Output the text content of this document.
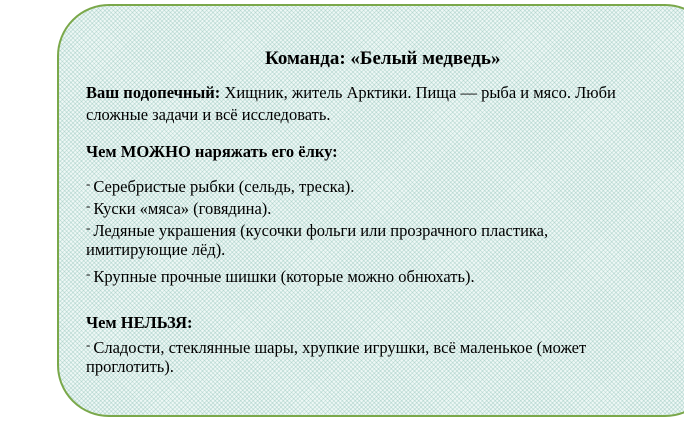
Команда: «Белый медведь»
Ваш подопечный: Хищник, житель Арктики. Пища — рыба и мясо. Люби
сложные задачи и всё исследовать.
Чем МОЖНО наряжать его ёлку:
- Серебристые рыбки (сельдь, треска).
- Куски «мяса» (говядина).
- Ледяные украшения (кусочки фольги или прозрачного пластика,
имитирующие лёд).
- Крупные прочные шишки (которые можно обнюхать).
Чем НЕЛЬЗЯ:
- Сладости, стеклянные шары, хрупкие игрушки, всё маленькое (может
проглотить).
